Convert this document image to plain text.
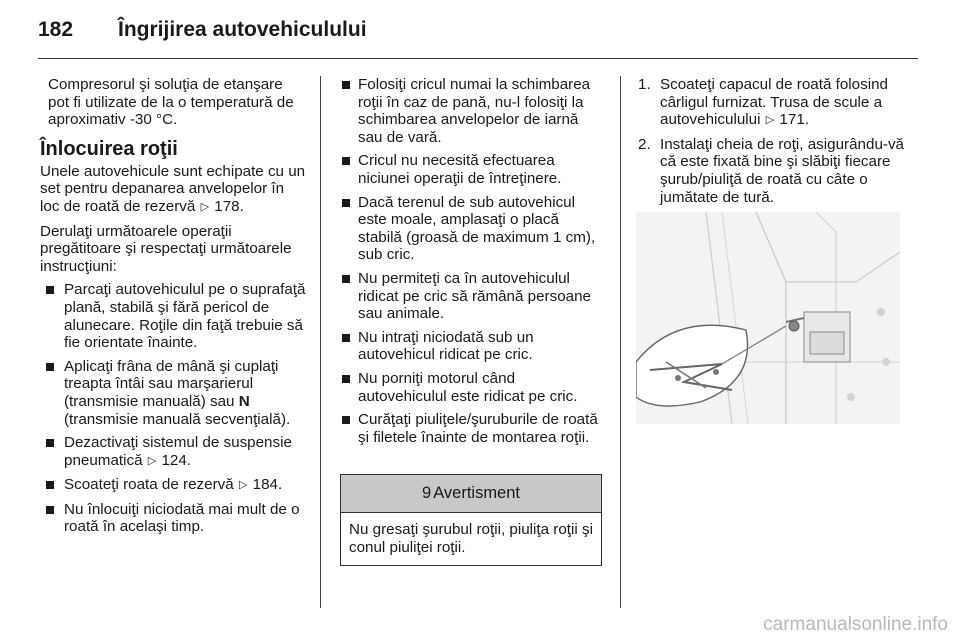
182 Îngrijirea autovehiculului

Compresorul şi soluţia de etanşare pot fi utilizate de la o temperatură de aproximativ -30 °C.

Înlocuirea roţii

Unele autovehicule sunt echipate cu un set pentru depanarea anvelopelor în loc de roată de rezervă ▷ 178.

Derulaţi următoarele operaţii pregătitoare şi respectaţi următoarele instrucţiuni:

Parcaţi autovehiculul pe o suprafaţă plană, stabilă şi fără pericol de alunecare. Roţile din faţă trebuie să fie orientate înainte.
Aplicaţi frâna de mână şi cuplaţi treapta întâi sau marşarierul (transmisie manuală) sau N (transmisie manuală secvenţială).
Dezactivaţi sistemul de suspensie pneumatică ▷ 124.
Scoateţi roata de rezervă ▷ 184.
Nu înlocuiţi niciodată mai mult de o roată în acelaşi timp.
Folosiţi cricul numai la schimbarea roţii în caz de pană, nu-l folosiţi la schimbarea anvelopelor de iarnă sau de vară.
Cricul nu necesită efectuarea niciunei operaţii de întreţinere.
Dacă terenul de sub autovehicul este moale, amplasaţi o placă stabilă (groasă de maximum 1 cm), sub cric.
Nu permiteţi ca în autovehiculul ridicat pe cric să rămână persoane sau animale.
Nu intraţi niciodată sub un autovehicul ridicat pe cric.
Nu porniţi motorul când autovehiculul este ridicat pe cric.
Curăţaţi piuliţele/şuruburile de roată şi filetele înainte de montarea roţii.
9 Avertisment
Nu gresaţi şurubul roţii, piuliţa roţii şi conul piuliţei roţii.
1. Scoateţi capacul de roată folosind cârligul furnizat. Trusa de scule a autovehiculului ▷ 171.
2. Instalaţi cheia de roţi, asigurându-vă că este fixată bine şi slăbiţi fiecare şurub/piuliţă de roată cu câte o jumătate de tură.
carmanualsonline.info
